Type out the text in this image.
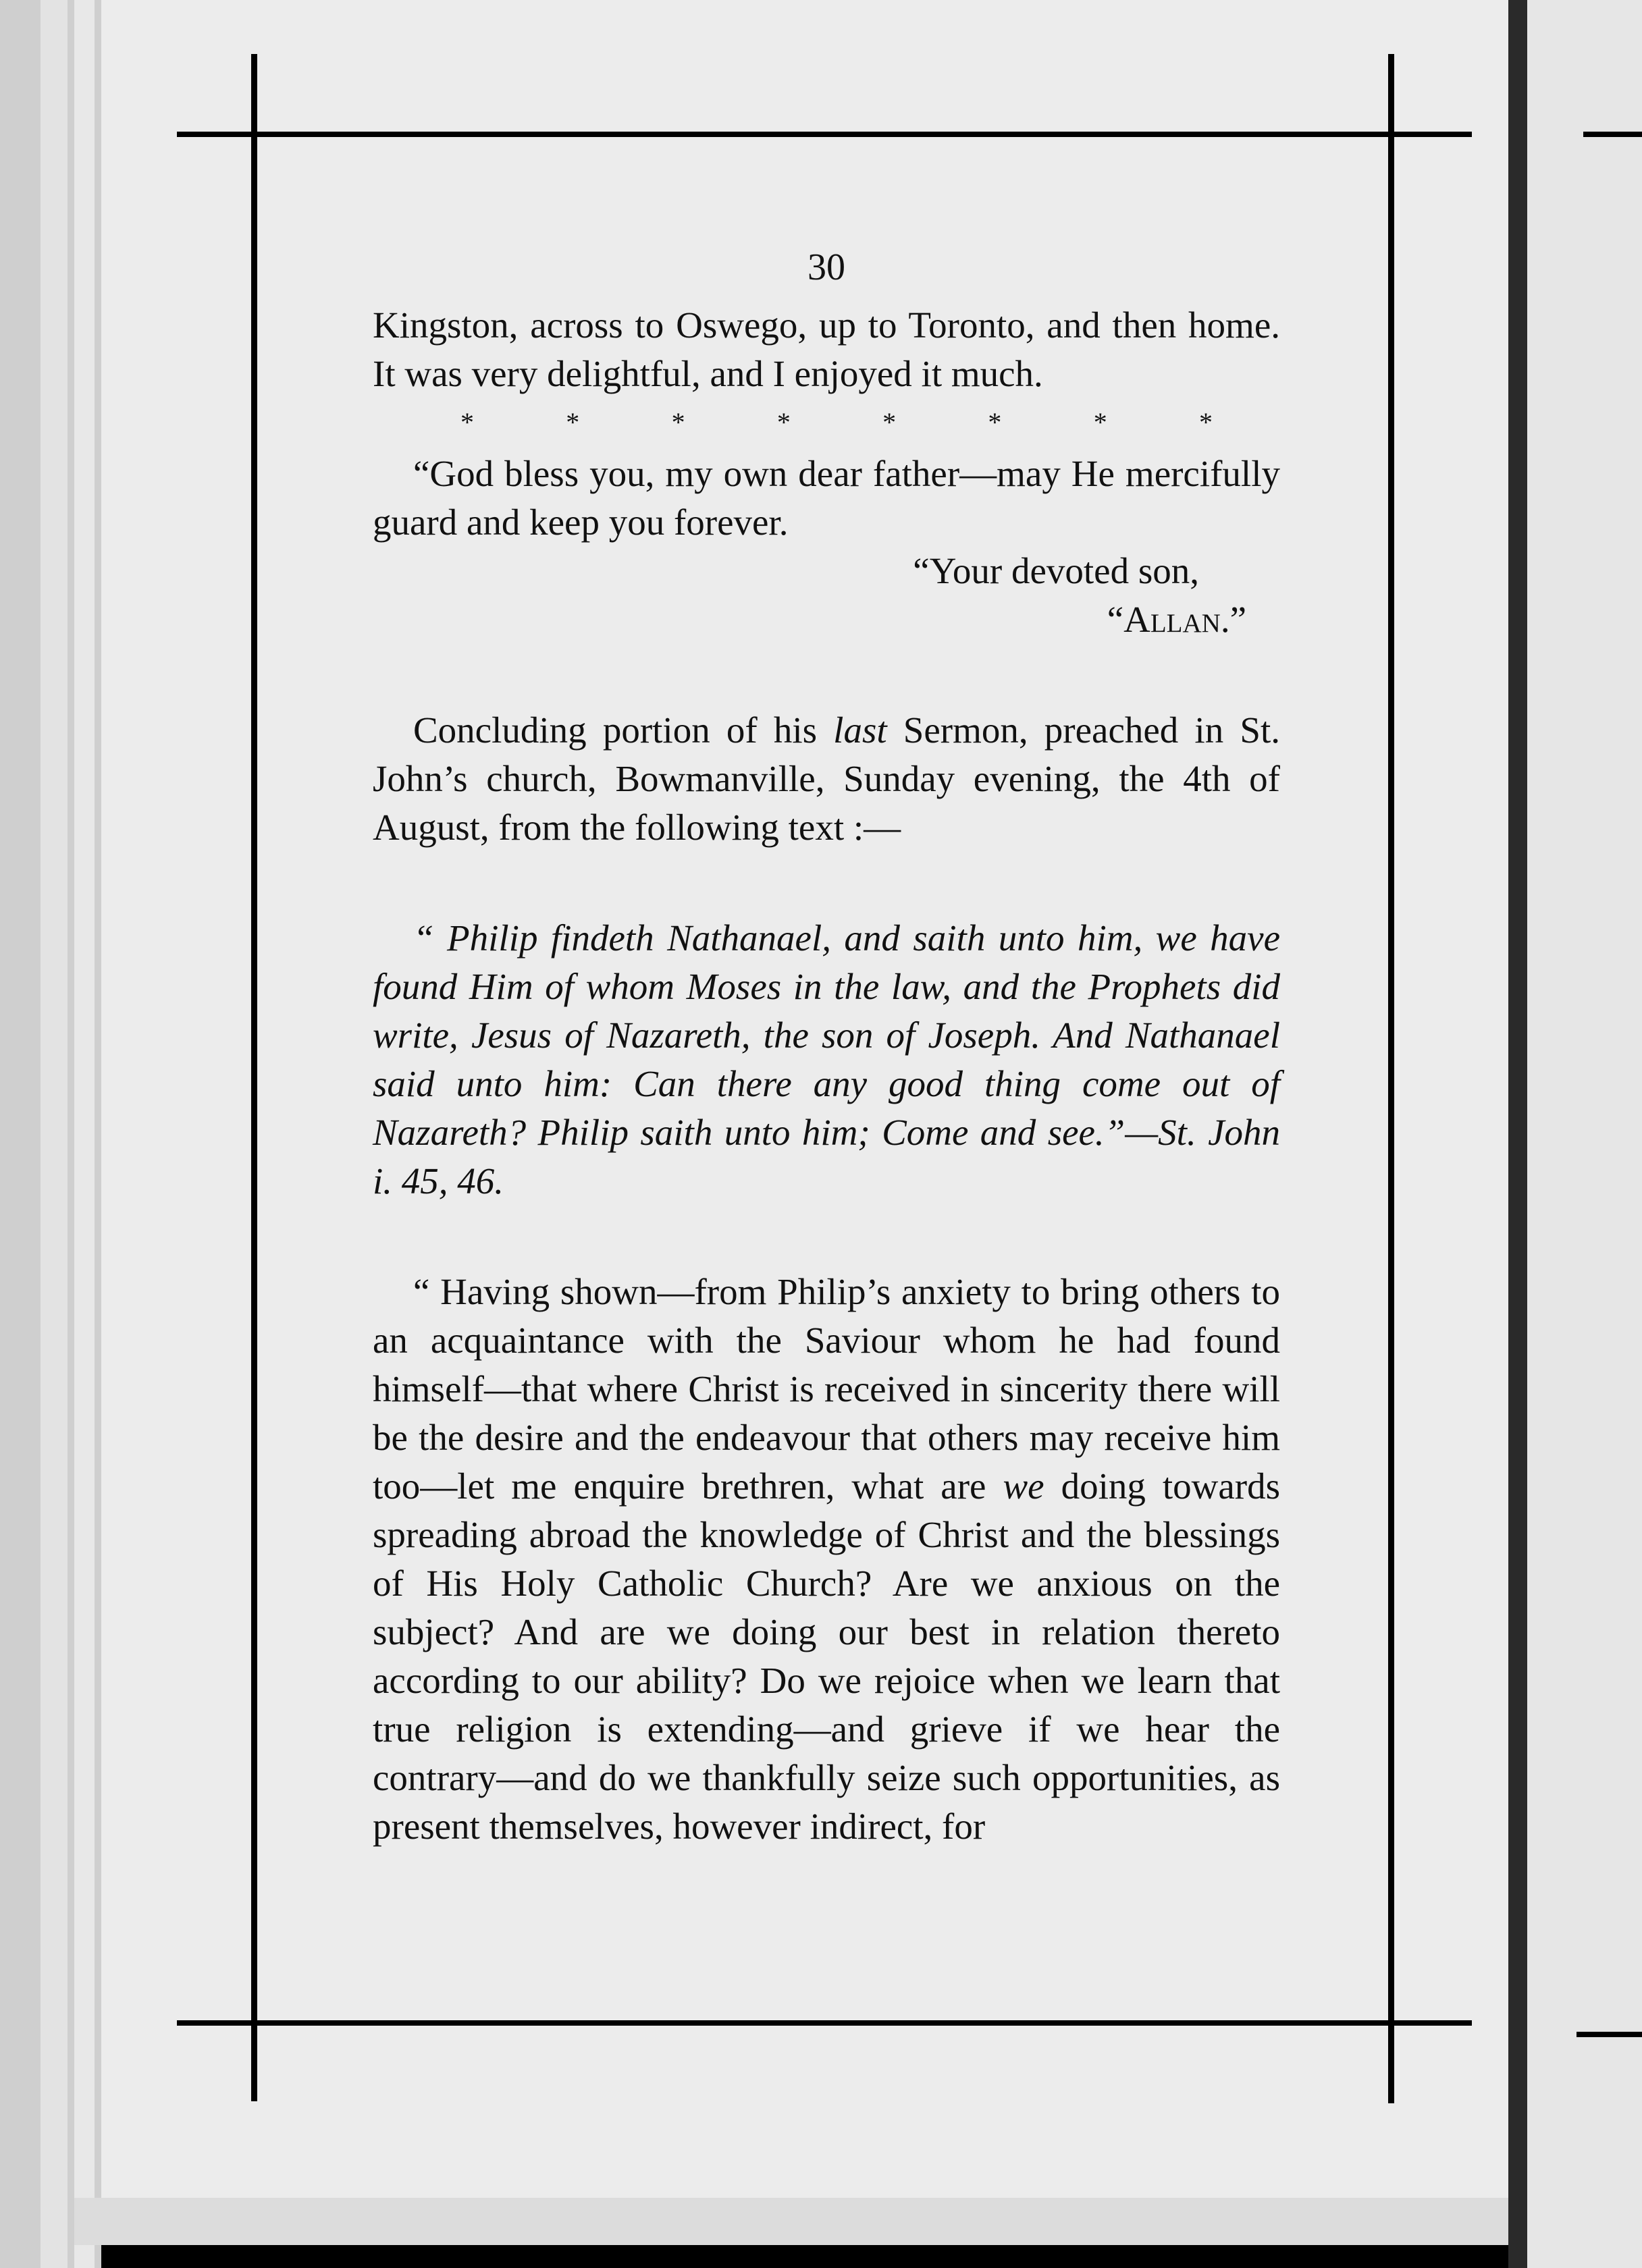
30

Kingston, across to Oswego, up to Toronto, and then home. It was very delightful, and I enjoyed it much.

*	*	*	*	*	*	*	*

“God bless you, my own dear father—may He mercifully guard and keep you forever.

“Your devoted son,

“Allan.”

Concluding portion of his last Sermon, preached in St. John’s church, Bowmanville, Sunday evening, the 4th of August, from the following text :—

“ Philip findeth Nathanael, and saith unto him, we have found Him of whom Moses in the law, and the Prophets did write, Jesus of Nazareth, the son of Joseph. And Nathanael said unto him: Can there any good thing come out of Nazareth? Philip saith unto him; Come and see.”—St. John i. 45, 46.

“ Having shown—from Philip’s anxiety to bring others to an acquaintance with the Saviour whom he had found himself—that where Christ is received in sincerity there will be the desire and the endeavour that others may receive him too—let me enquire brethren, what are we doing towards spreading abroad the knowledge of Christ and the blessings of His Holy Catholic Church? Are we anxious on the subject? And are we doing our best in relation thereto according to our ability? Do we rejoice when we learn that true religion is extending—and grieve if we hear the contrary—and do we thankfully seize such opportunities, as present themselves, however indirect, for
